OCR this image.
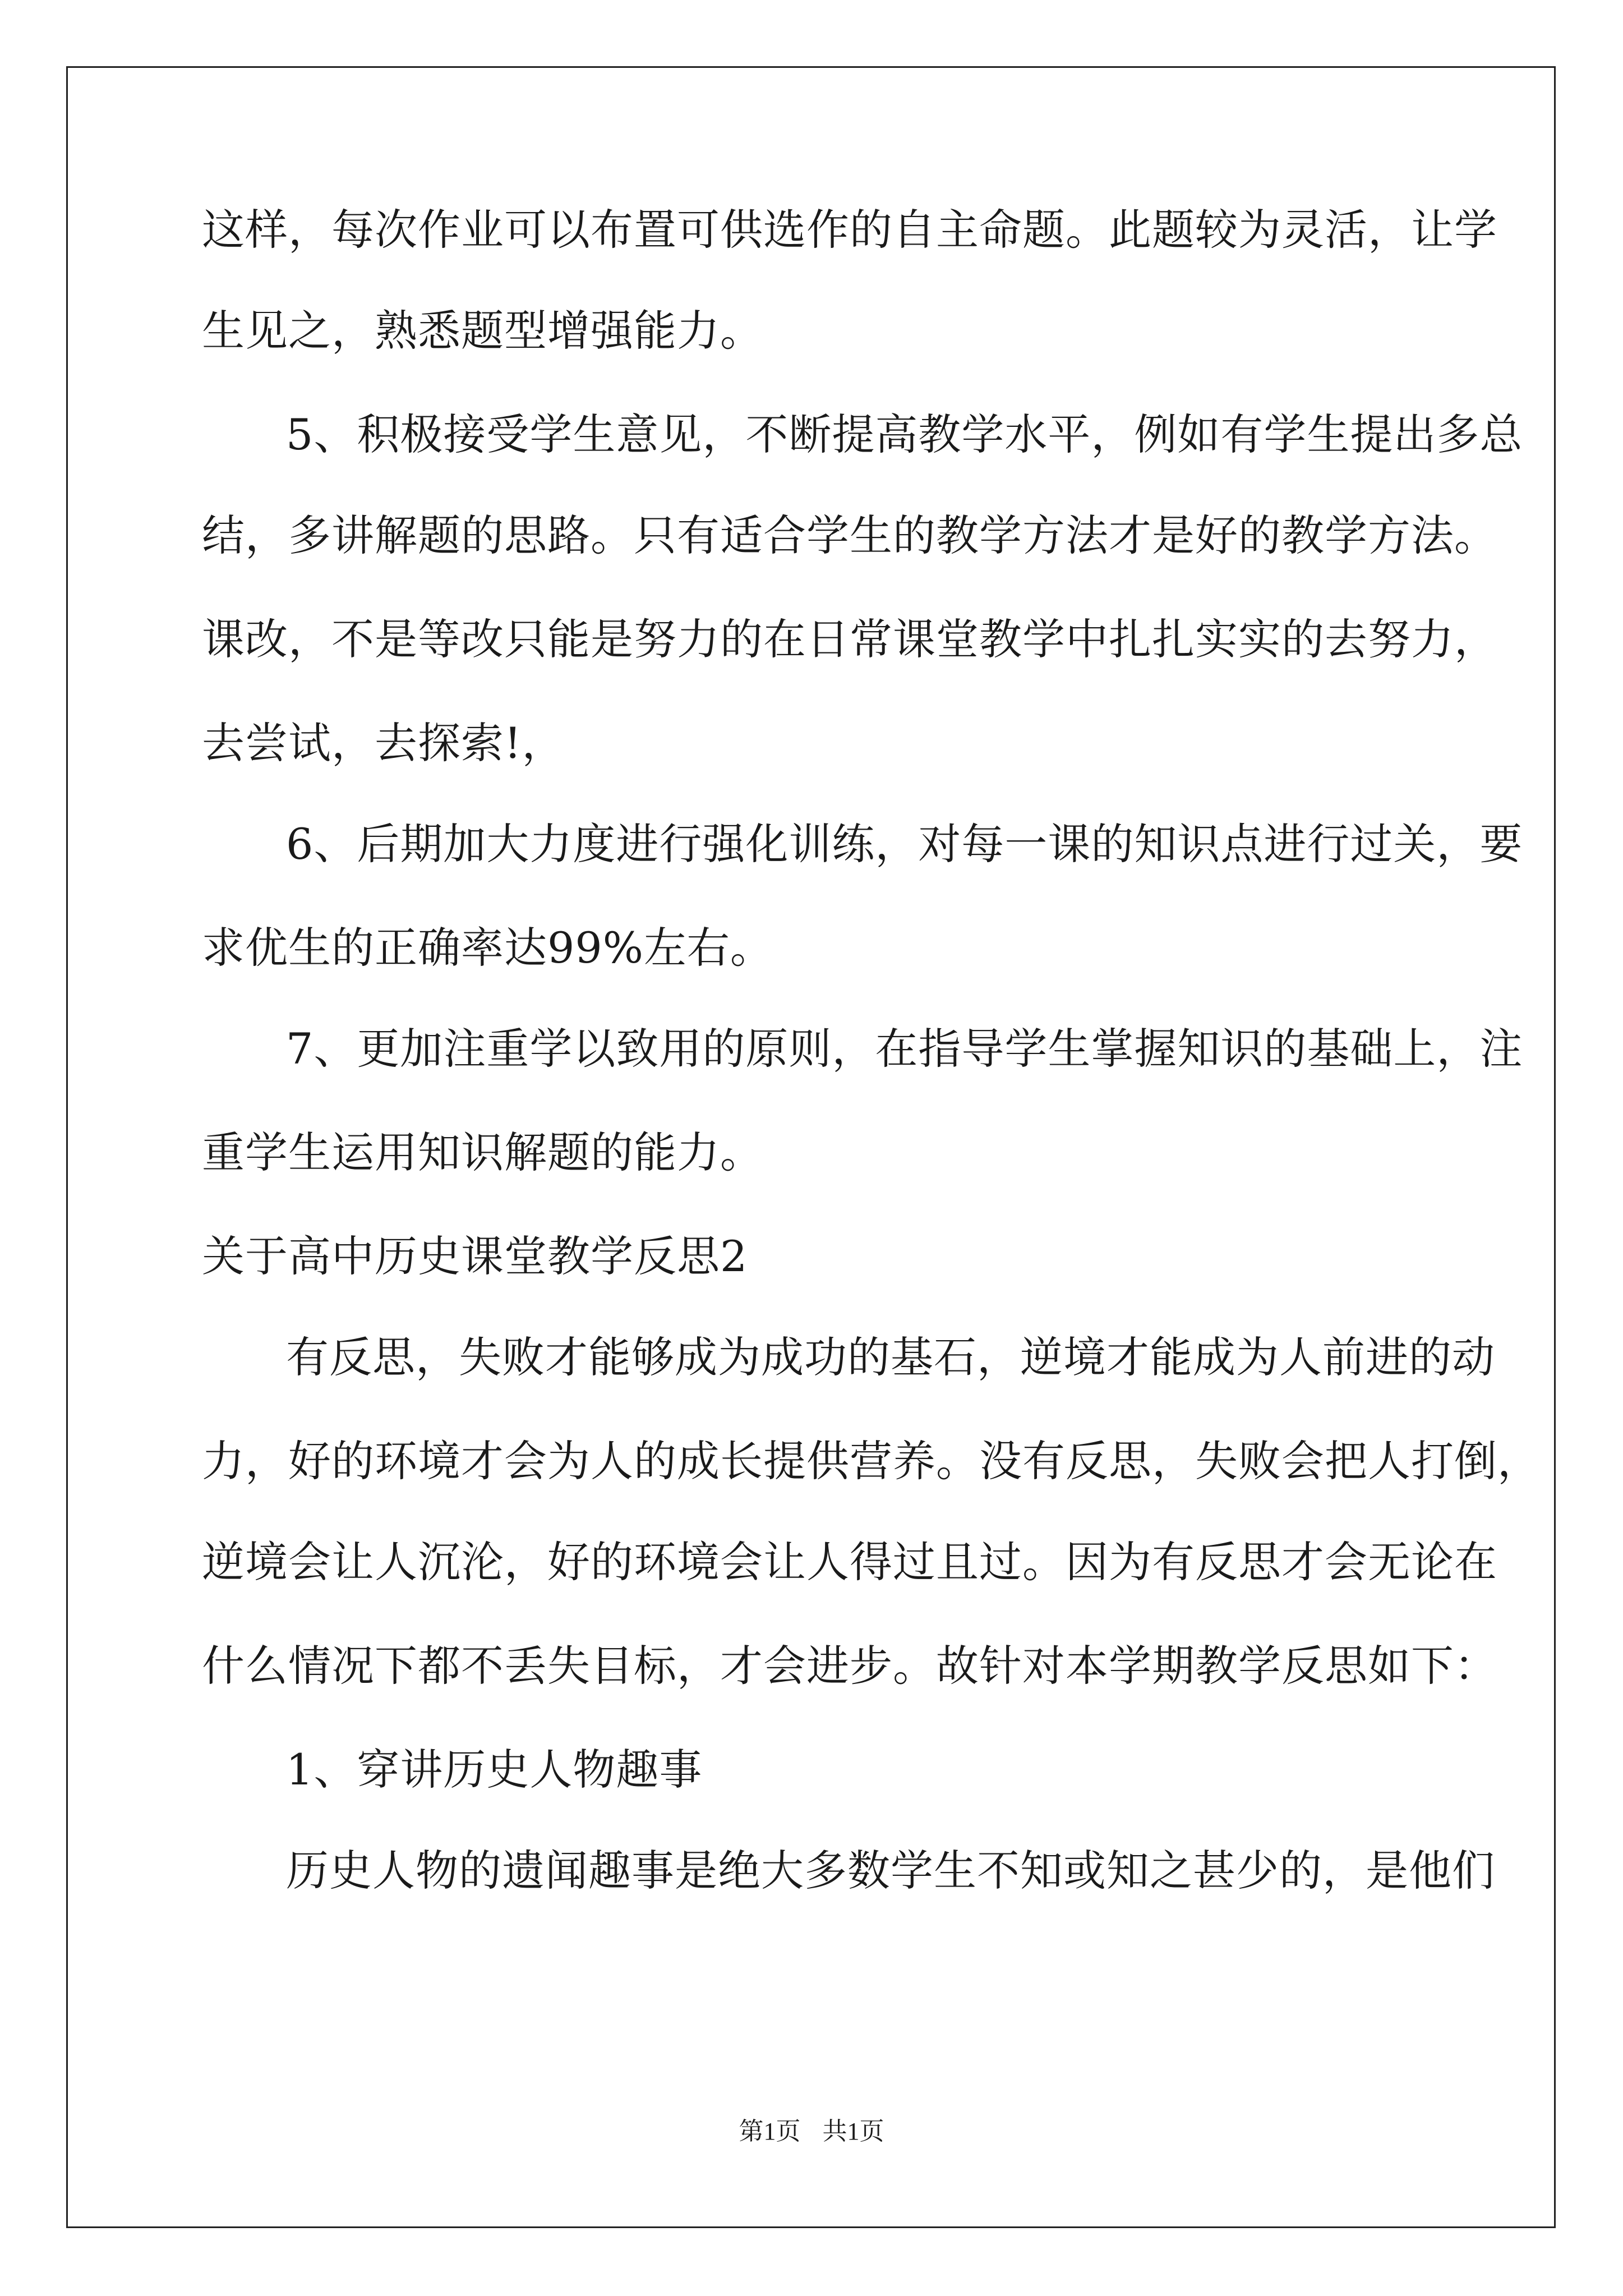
这样，每次作业可以布置可供选作的自主命题。此题较为灵活，让学
生见之，熟悉题型增强能力。
5、积极接受学生意见，不断提高教学水平，例如有学生提出多总
结，多讲解题的思路。只有适合学生的教学方法才是好的教学方法。
课改，不是等改只能是努力的在日常课堂教学中扎扎实实的去努力，
去尝试，去探索!，
6、后期加大力度进行强化训练，对每一课的知识点进行过关，要
求优生的正确率达99%左右。
7、更加注重学以致用的原则，在指导学生掌握知识的基础上，注
重学生运用知识解题的能力。
关于高中历史课堂教学反思2
有反思，失败才能够成为成功的基石，逆境才能成为人前进的动
力，好的环境才会为人的成长提供营养。没有反思，失败会把人打倒，
逆境会让人沉沦，好的环境会让人得过且过。因为有反思才会无论在
什么情况下都不丢失目标，才会进步。故针对本学期教学反思如下：
1、穿讲历史人物趣事
历史人物的遗闻趣事是绝大多数学生不知或知之甚少的，是他们
第1页 共1页
